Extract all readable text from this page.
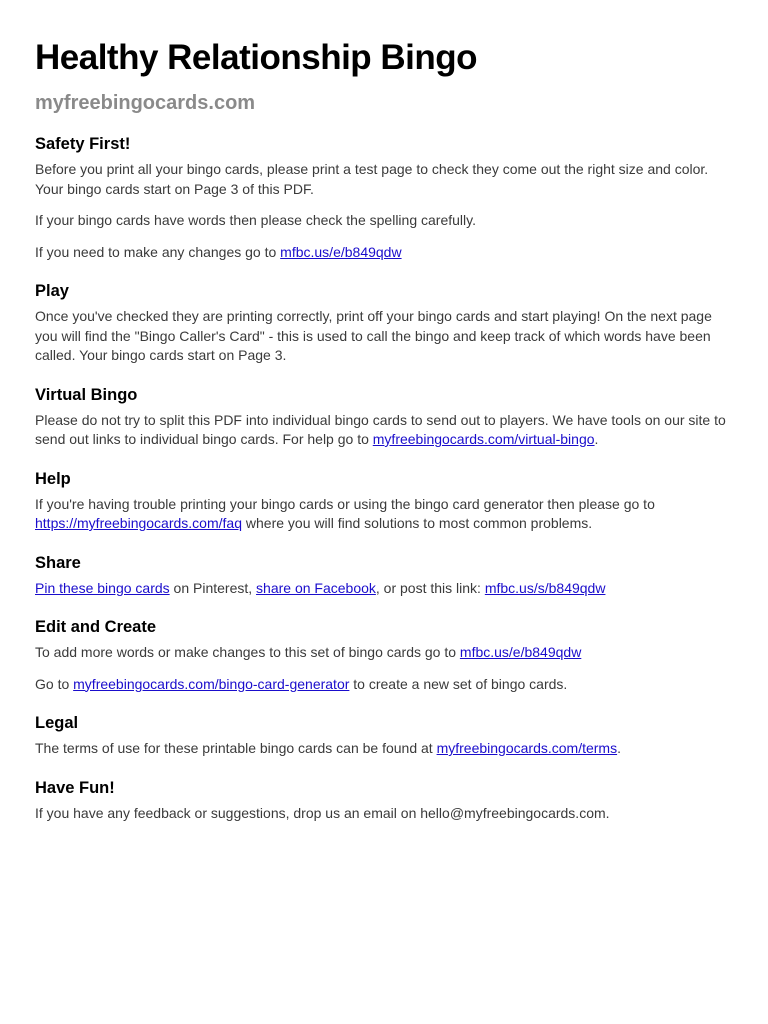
Healthy Relationship Bingo
myfreebingocards.com
Safety First!

Before you print all your bingo cards, please print a test page to check they come out the right size and color. Your bingo cards start on Page 3 of this PDF.

If your bingo cards have words then please check the spelling carefully.

If you need to make any changes go to mfbc.us/e/b849qdw

Play

Once you've checked they are printing correctly, print off your bingo cards and start playing! On the next page you will find the "Bingo Caller's Card" - this is used to call the bingo and keep track of which words have been called. Your bingo cards start on Page 3.

Virtual Bingo

Please do not try to split this PDF into individual bingo cards to send out to players. We have tools on our site to send out links to individual bingo cards. For help go to myfreebingocards.com/virtual-bingo.

Help

If you're having trouble printing your bingo cards or using the bingo card generator then please go to https://myfreebingocards.com/faq where you will find solutions to most common problems.

Share

Pin these bingo cards on Pinterest, share on Facebook, or post this link: mfbc.us/s/b849qdw

Edit and Create

To add more words or make changes to this set of bingo cards go to mfbc.us/e/b849qdw

Go to myfreebingocards.com/bingo-card-generator to create a new set of bingo cards.

Legal

The terms of use for these printable bingo cards can be found at myfreebingocards.com/terms.

Have Fun!

If you have any feedback or suggestions, drop us an email on hello@myfreebingocards.com.
